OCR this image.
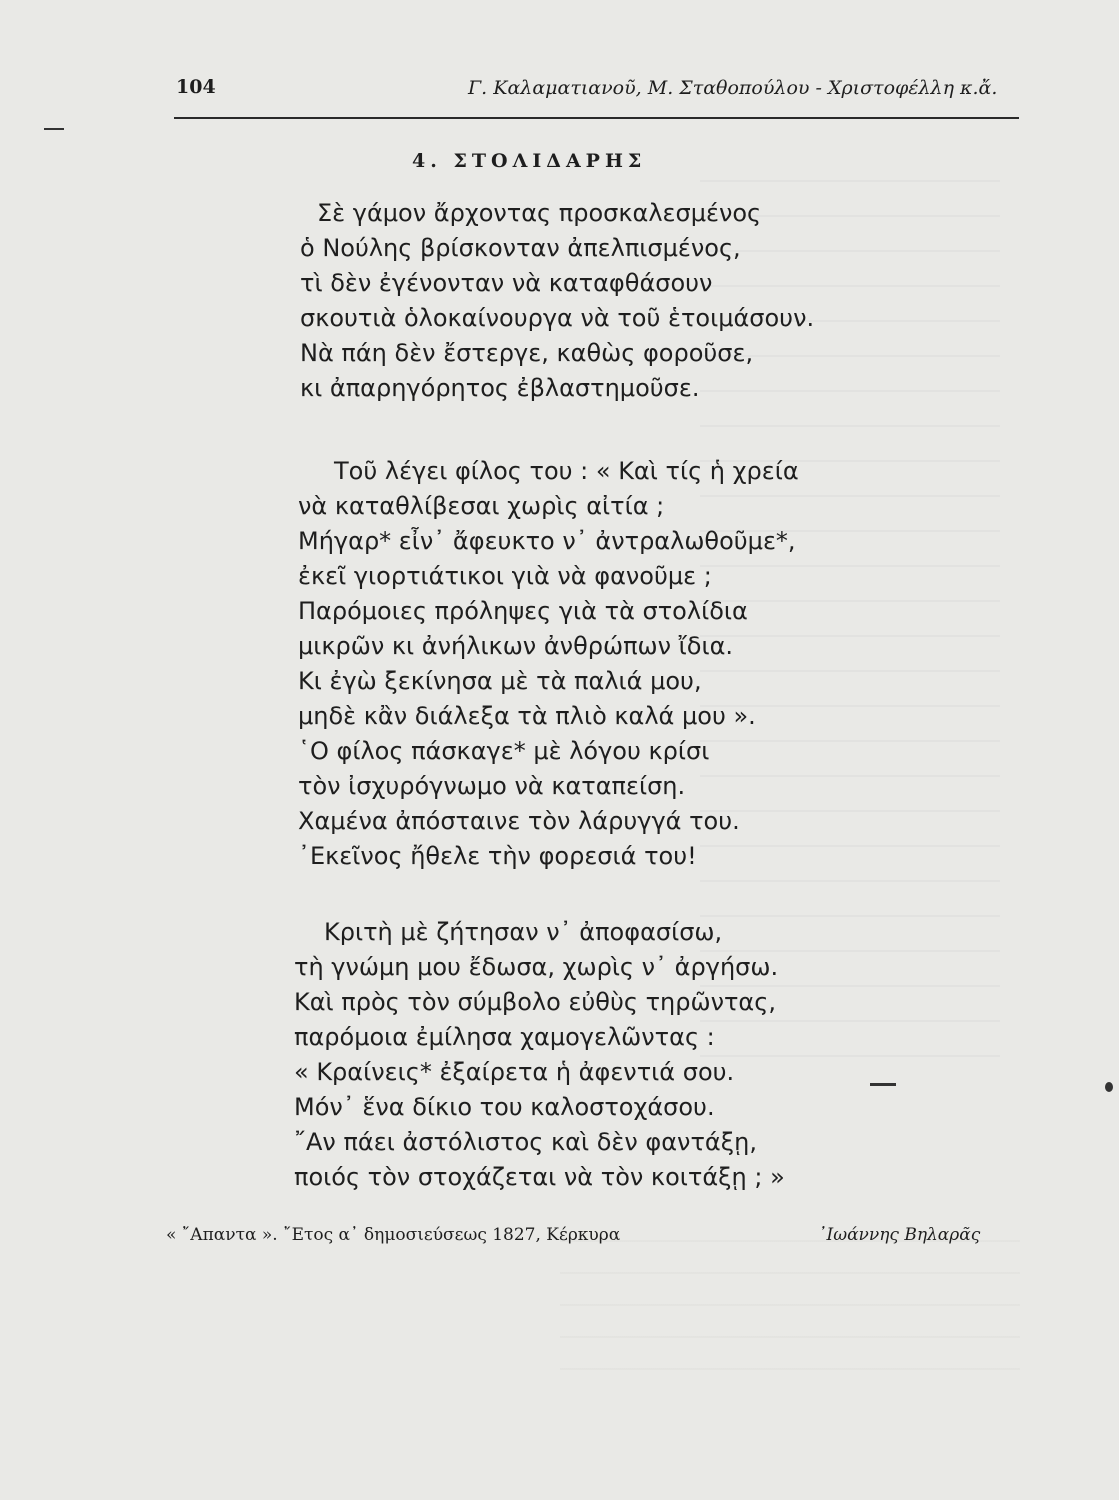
104	Γ. Καλαματιανοῦ, Μ. Σταθοπούλου - Χριστοφέλλη κ.ἄ.
4. ΣΤΟΛΙΔΑΡΗΣ
Σὲ γάμον ἄρχοντας προσκαλεσμένος
ὁ Νούλης βρίσκονταν ἀπελπισμένος,
τὶ δὲν ἐγένονταν νὰ καταφθάσουν
σκουτιὰ ὁλοκαίνουργα νὰ τοῦ ἑτοιμάσουν.
Νὰ πάη δὲν ἔστεργε, καθὼς φοροῦσε,
κι ἀπαρηγόρητος ἐβλαστημοῦσε.
Τοῦ λέγει φίλος του : « Καὶ τίς ἡ χρεία
νὰ καταθλίβεσαι χωρὶς αἰτία ;
Μήγαρ* εἶν᾽ ἄφευκτο ν᾽ ἀντραλωθοῦμε*,
ἐκεῖ γιορτιάτικοι γιὰ νὰ φανοῦμε ;
Παρόμοιες πρόληψες γιὰ τὰ στολίδια
μικρῶν κι ἀνήλικων ἀνθρώπων ἴδια.
Κι ἐγὼ ξεκίνησα μὲ τὰ παλιά μου,
μηδὲ κἂν διάλεξα τὰ πλιὸ καλά μου ».
῾Ο φίλος πάσκαγε* μὲ λόγου κρίσι
τὸν ἰσχυρόγνωμο νὰ καταπείση.
Χαμένα ἀπόσταινε τὸν λάρυγγά του.
᾽Εκεῖνος ἤθελε τὴν φορεσιά του!
Κριτὴ μὲ ζήτησαν ν᾽ ἀποφασίσω,
τὴ γνώμη μου ἔδωσα, χωρὶς ν᾽ ἀργήσω.
Καὶ πρὸς τὸν σύμβολο εὐθὺς τηρῶντας,
παρόμοια ἐμίλησα χαμογελῶντας :
« Κραίνεις* ἐξαίρετα ἡ ἀφεντιά σου.
Μόν᾽ ἕνα δίκιο του καλοστοχάσου.
῎Αν πάει ἀστόλιστος καὶ δὲν φαντάξῃ,
ποιός τὸν στοχάζεται νὰ τὸν κοιτάξῃ ; »
« ῎Απαντα ». ῎Ετος α᾽ δημοσιεύσεως 1827, Κέρκυρα	᾽Ιωάννης Βηλαρᾶς
